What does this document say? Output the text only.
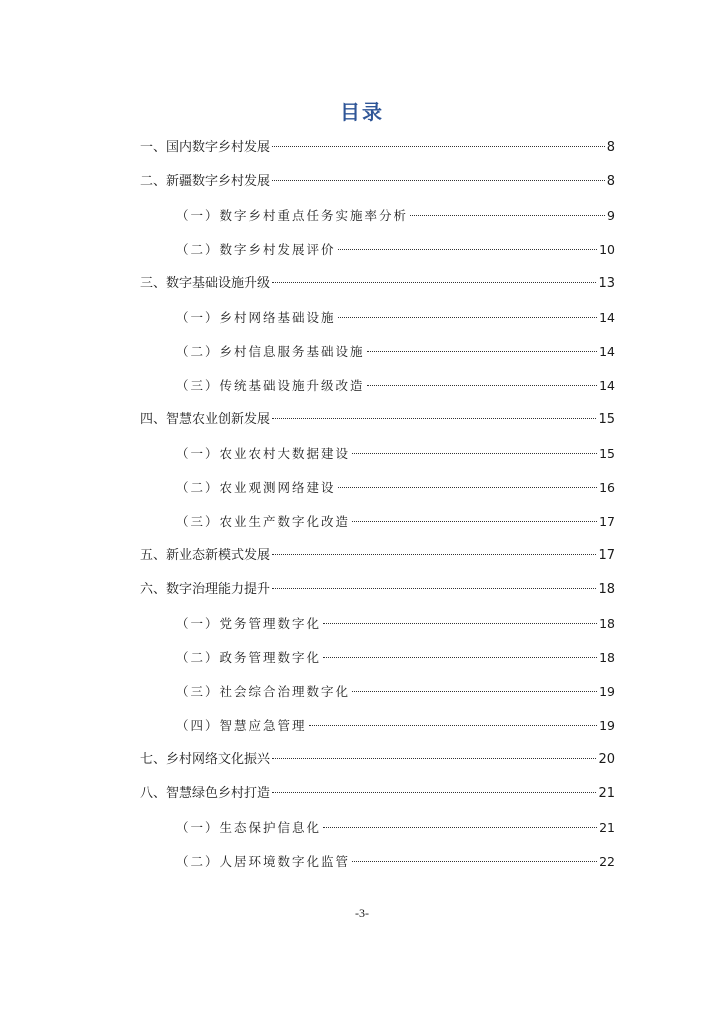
目录
一、国内数字乡村发展	8
二、新疆数字乡村发展	8
（一）数字乡村重点任务实施率分析	9
（二）数字乡村发展评价	10
三、数字基础设施升级	13
（一）乡村网络基础设施	14
（二）乡村信息服务基础设施	14
（三）传统基础设施升级改造	14
四、智慧农业创新发展	15
（一）农业农村大数据建设	15
（二）农业观测网络建设	16
（三）农业生产数字化改造	17
五、新业态新模式发展	17
六、数字治理能力提升	18
（一）党务管理数字化	18
（二）政务管理数字化	18
（三）社会综合治理数字化	19
（四）智慧应急管理	19
七、乡村网络文化振兴	20
八、智慧绿色乡村打造	21
（一）生态保护信息化	21
（二）人居环境数字化监管	22
-3-
